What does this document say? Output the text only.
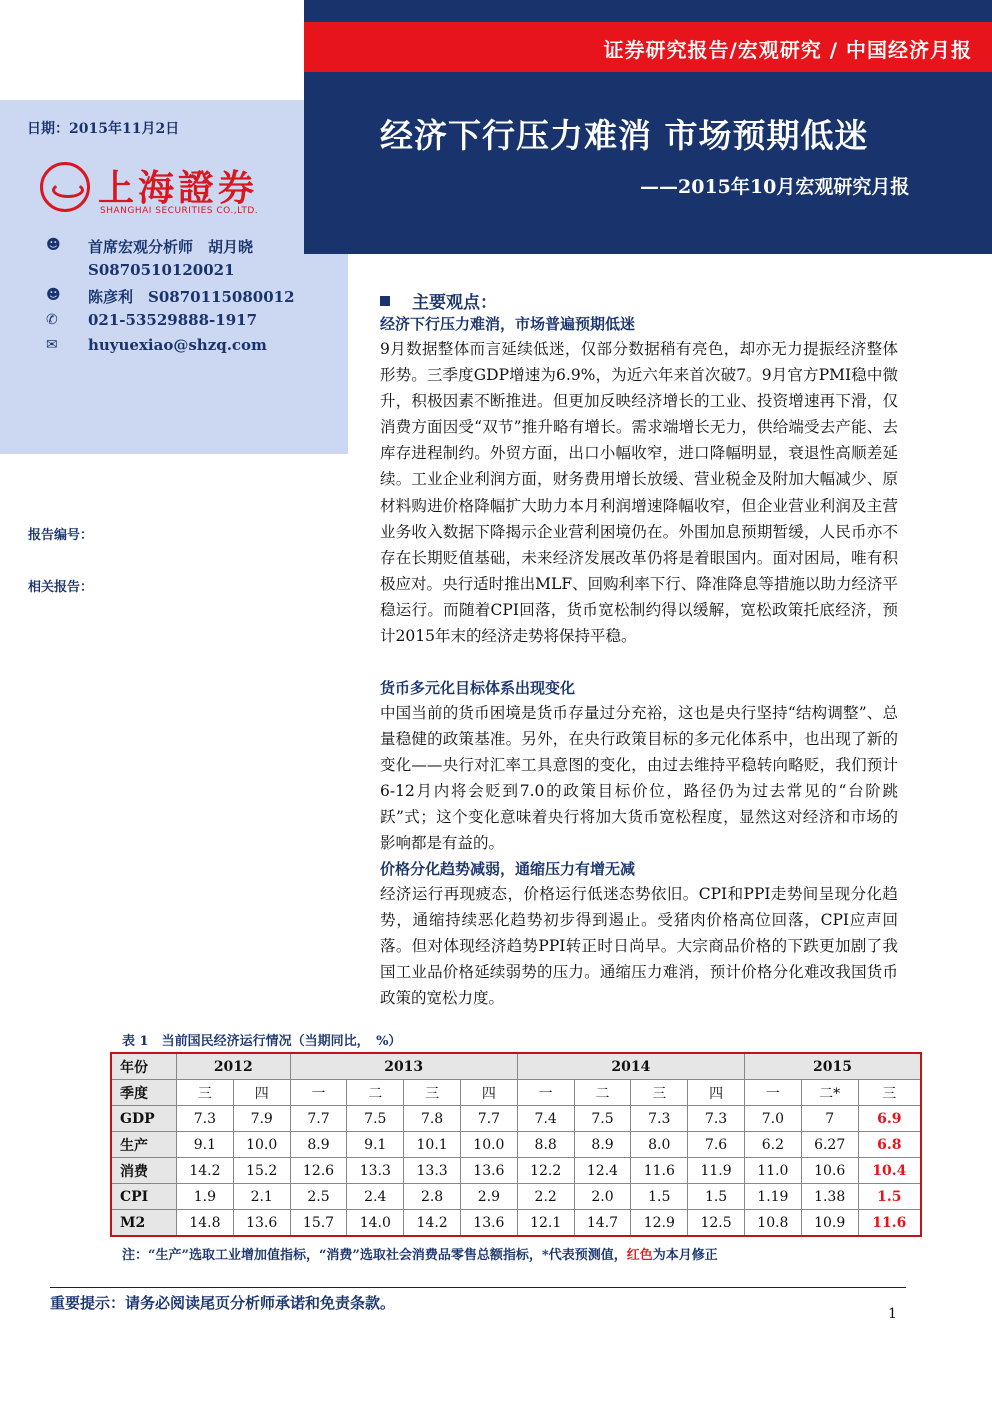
证券研究报告/宏观研究 / 中国经济月报
经济下行压力难消 市场预期低迷
——2015年10月宏观研究月报
日期：2015年11月2日
上海證券
SHANGHAI SECURITIES CO.,LTD.
☻ 首席宏观分析师　胡月晓
S0870510120021
☻ 陈彦利　S0870115080012
✆ 021-53529888-1917
✉ huyuexiao@shzq.com
报告编号：
相关报告：
主要观点：
经济下行压力难消，市场普遍预期低迷
9月数据整体而言延续低迷，仅部分数据稍有亮色，却亦无力提振经济整体形势。三季度GDP增速为6.9%，为近六年来首次破7。9月官方PMI稳中微升，积极因素不断推进。但更加反映经济增长的工业、投资增速再下滑，仅消费方面因受“双节”推升略有增长。需求端增长无力，供给端受去产能、去库存进程制约。外贸方面，出口小幅收窄，进口降幅明显，衰退性高顺差延续。工业企业利润方面，财务费用增长放缓、营业税金及附加大幅减少、原材料购进价格降幅扩大助力本月利润增速降幅收窄，但企业营业利润及主营业务收入数据下降揭示企业营利困境仍在。外围加息预期暂缓，人民币亦不存在长期贬值基础，未来经济发展改革仍将是着眼国内。面对困局，唯有积极应对。央行适时推出MLF、回购利率下行、降准降息等措施以助力经济平稳运行。而随着CPI回落，货币宽松制约得以缓解，宽松政策托底经济，预计2015年末的经济走势将保持平稳。
货币多元化目标体系出现变化
中国当前的货币困境是货币存量过分充裕，这也是央行坚持“结构调整”、总量稳健的政策基准。另外，在央行政策目标的多元化体系中，也出现了新的变化——央行对汇率工具意图的变化，由过去维持平稳转向略贬，我们预计6-12月内将会贬到7.0的政策目标价位，路径仍为过去常见的“台阶跳跃”式；这个变化意味着央行将加大货币宽松程度，显然这对经济和市场的影响都是有益的。
价格分化趋势减弱，通缩压力有增无减
经济运行再现疲态，价格运行低迷态势依旧。CPI和PPI走势间呈现分化趋势，通缩持续恶化趋势初步得到遏止。受猪肉价格高位回落，CPI应声回落。但对体现经济趋势PPI转正时日尚早。大宗商品价格的下跌更加剧了我国工业品价格延续弱势的压力。通缩压力难消，预计价格分化难改我国货币政策的宽松力度。
表 1　当前国民经济运行情况（当期同比，　%）
年份	2012		2013				2014				2015		
季度	三	四	一	二	三	四	一	二	三	四	一	二*	三
GDP	7.3	7.9	7.7	7.5	7.8	7.7	7.4	7.5	7.3	7.3	7.0	7	6.9
生产	9.1	10.0	8.9	9.1	10.1	10.0	8.8	8.9	8.0	7.6	6.2	6.27	6.8
消费	14.2	15.2	12.6	13.3	13.3	13.6	12.2	12.4	11.6	11.9	11.0	10.6	10.4
CPI	1.9	2.1	2.5	2.4	2.8	2.9	2.2	2.0	1.5	1.5	1.19	1.38	1.5
M2	14.8	13.6	15.7	14.0	14.2	13.6	12.1	14.7	12.9	12.5	10.8	10.9	11.6
注：“生产”选取工业增加值指标，“消费”选取社会消费品零售总额指标，*代表预测值，红色为本月修正
重要提示：请务必阅读尾页分析师承诺和免责条款。
1
